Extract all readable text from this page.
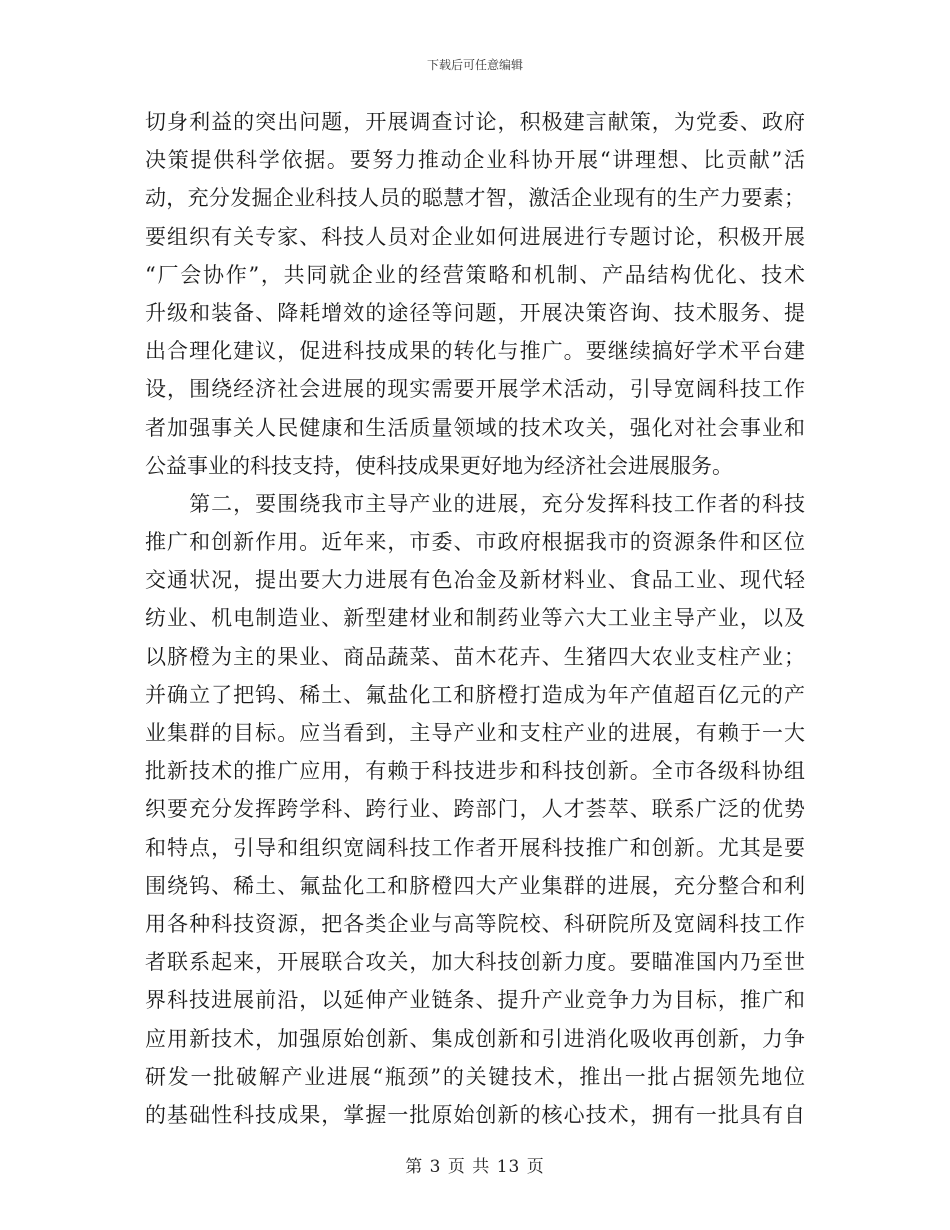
下载后可任意编辑
切身利益的突出问题，开展调查讨论，积极建言献策，为党委、政府
决策提供科学依据。要努力推动企业科协开展“讲理想、比贡献”活
动，充分发掘企业科技人员的聪慧才智，激活企业现有的生产力要素；
要组织有关专家、科技人员对企业如何进展进行专题讨论，积极开展
“厂会协作”，共同就企业的经营策略和机制、产品结构优化、技术
升级和装备、降耗增效的途径等问题，开展决策咨询、技术服务、提
出合理化建议，促进科技成果的转化与推广。要继续搞好学术平台建
设，围绕经济社会进展的现实需要开展学术活动，引导宽阔科技工作
者加强事关人民健康和生活质量领域的技术攻关，强化对社会事业和
公益事业的科技支持，使科技成果更好地为经济社会进展服务。
　　第二，要围绕我市主导产业的进展，充分发挥科技工作者的科技
推广和创新作用。近年来，市委、市政府根据我市的资源条件和区位
交通状况，提出要大力进展有色冶金及新材料业、食品工业、现代轻
纺业、机电制造业、新型建材业和制药业等六大工业主导产业，以及
以脐橙为主的果业、商品蔬菜、苗木花卉、生猪四大农业支柱产业；
并确立了把钨、稀土、氟盐化工和脐橙打造成为年产值超百亿元的产
业集群的目标。应当看到，主导产业和支柱产业的进展，有赖于一大
批新技术的推广应用，有赖于科技进步和科技创新。全市各级科协组
织要充分发挥跨学科、跨行业、跨部门，人才荟萃、联系广泛的优势
和特点，引导和组织宽阔科技工作者开展科技推广和创新。尤其是要
围绕钨、稀土、氟盐化工和脐橙四大产业集群的进展，充分整合和利
用各种科技资源，把各类企业与高等院校、科研院所及宽阔科技工作
者联系起来，开展联合攻关，加大科技创新力度。要瞄准国内乃至世
界科技进展前沿，以延伸产业链条、提升产业竞争力为目标，推广和
应用新技术，加强原始创新、集成创新和引进消化吸收再创新，力争
研发一批破解产业进展“瓶颈”的关键技术，推出一批占据领先地位
的基础性科技成果，掌握一批原始创新的核心技术，拥有一批具有自
第 3 页 共 13 页
